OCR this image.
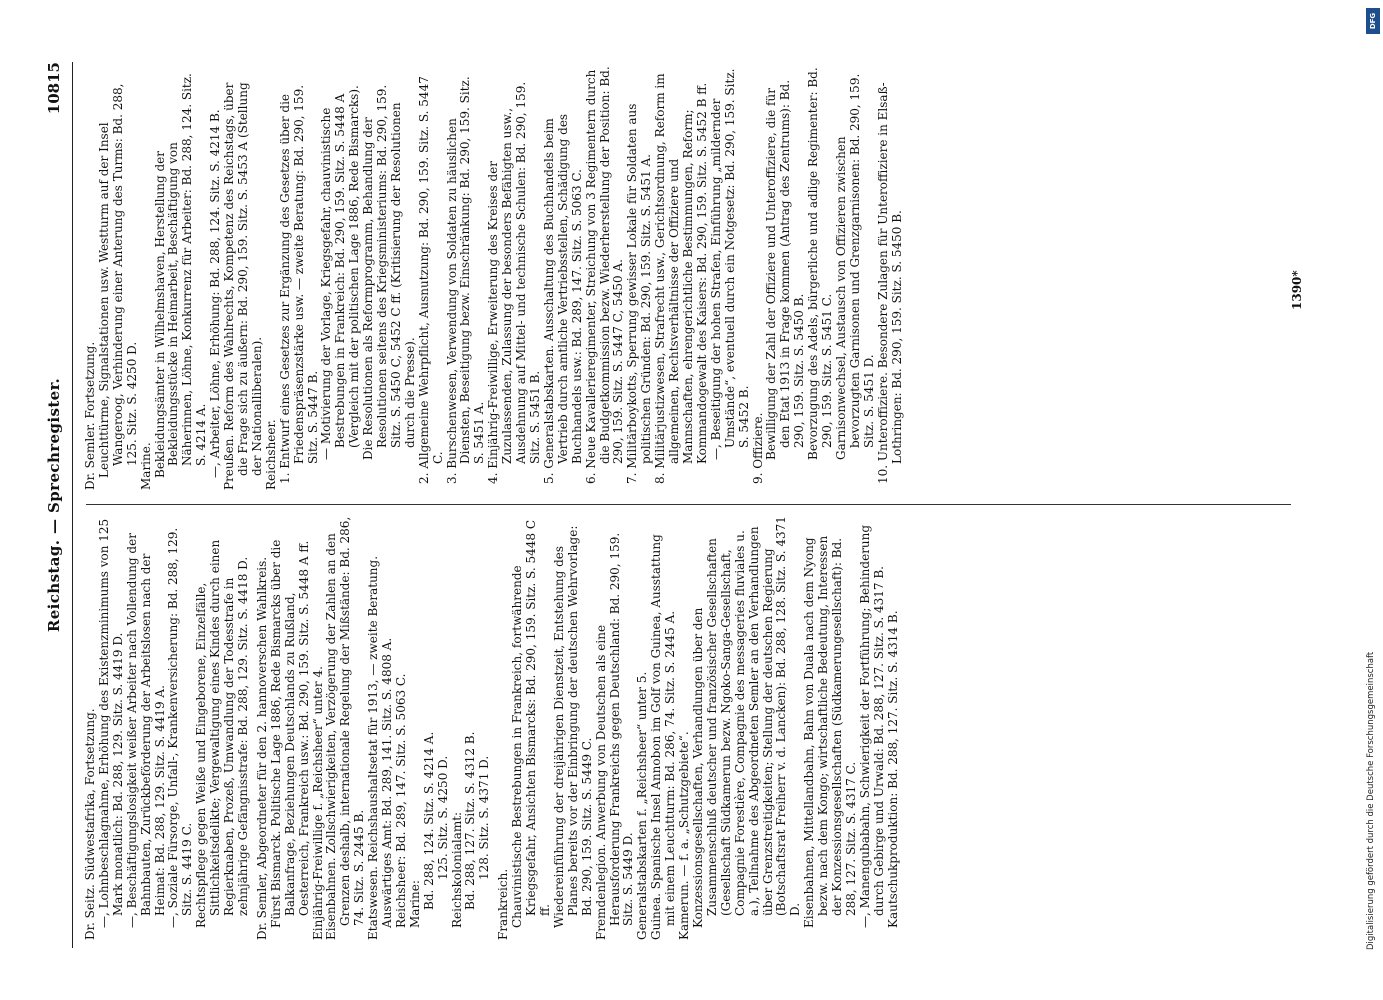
Reichstag. — Sprechregister.
10815
Dr. Seitz. Südwestafrika, Fortsetzung. —, Lohnbeschlagnahme, Erhöhung des Existenzminimums von 125 Mark monatlich: Bd. 288, 129. Sitz. S. 4419 D. —, Beschäftigungslosigkeit weißer Arbeiter nach Vollendung der Bahnbauten, Zurückbeförderung der Arbeitslosen nach der Heimat: Bd. 288, 129. Sitz. S. 4419 A. —, Soziale Fürsorge, Unfall-, Krankenversicherung: Bd. 288, 129. Sitz. S. 4419 C. Rechtspflege gegen Weiße und Eingeborene, Einzelfälle, Sittlichkeitsdelikte; Vergewaltigung eines Kindes durch einen Regierknaben, Prozeß, Umwandlung der Todesstrafe in zehnjährige Gefängnisstrafe: Bd. 288, 129. Sitz. S. 4418 D. Dr. Semler, Abgeordneter für den 2. hannoverschen Wahlkreis. Fürst Bismarck. Politische Lage 1886, Rede Bismarcks über die Balkanfrage, Beziehungen Deutschlands zu Rußland, Oesterreich, Frankreich usw.: Bd. 290, 159. Sitz. S. 5448 A ff. Einjährig-Freiwillige f. „Reichsheer“ unter 4. Eisenbahnen. Zollschwierigkeiten, Verzögerung der Zahlen an den Grenzen deshalb, internationale Regelung der Mißstände: Bd. 286, 74. Sitz. S. 2445 B. Etatswesen. Reichshaushaltsetat für 1913, — zweite Beratung. Auswärtiges Amt: Bd. 289, 141. Sitz. S. 4808 A. Reichsheer: Bd. 289, 147. Sitz. S. 5063 C. Marine: Bd. 288, 124. Sitz. S. 4214 A. 125. Sitz. S. 4250 D. Reichskolonialamt: Bd. 288, 127. Sitz. S. 4312 B. 128. Sitz. S. 4371 D.
Frankreich. Chauvinistische Bestrebungen in Frankreich, fortwährende Kriegsgefahr, Ansichten Bismarcks: Bd. 290, 159. Sitz. S. 5448 C ff. Wiedereinführung der dreijährigen Dienstzeit, Entstehung des Planes bereits vor der Einbringung der deutschen Wehrvorlage: Bd. 290, 159. Sitz. S. 5449 C. Fremdenlegion. Anwerbung von Deutschen als eine Herausforderung Frankreichs gegen Deutschland: Bd. 290, 159. Sitz. S. 5449 D. Generalstabskarten f. „Reichsheer“ unter 5. Guinea. Spanische Insel Annobon im Golf von Guinea, Ausstattung mit einem Leuchtturm: Bd. 286, 74. Sitz. S. 2445 A. Kamerun. — f. a. „Schutzgebiete“. Konzessionsgesellschaften, Verhandlungen über den Zusammenschluß deutscher und französischer Gesellschaften (Gesellschaft Südkamerun bezw. Ngoko-Sanga-Gesellschaft, Compagnie Forestière, Compagnie des messageries fluviales u. a.), Teilnahme des Abgeordneten Semler an den Verhandlungen über Grenzstreitigkeiten; Stellung der deutschen Regierung (Botschaftsrat Freiherr v. d. Lancken): Bd. 288, 128. Sitz. S. 4371 D. Eisenbahnen, Mittellandbahn, Bahn von Duala nach dem Nyong bezw. nach dem Kongo; wirtschaftliche Bedeutung, Interessen der Konzessionsgesellschaften (Südkamerungesellschaft): Bd. 288, 127. Sitz. S. 4317 C. —, Manengubabahn, Schwierigkeit der Fortführung; Behinderung durch Gebirge und Urwald: Bd. 288, 127. Sitz. S. 4317 B. Kautschukproduktion: Bd. 288, 127. Sitz. S. 4314 B.
Dr. Semler. Fortsetzung. Leuchttürme, Signalstationen usw. Westturm auf der Insel Wangeroog, Verhinderung einer Anterung des Turms: Bd. 288, 125. Sitz. S. 4250 D.
Marine. Bekleidungsämter in Wilhelmshaven, Herstellung der Bekleidungsstücke in Heimarbeit, Beschäftigung von Näherinnen, Löhne, Konkurrenz für Arbeiter: Bd. 288, 124. Sitz. S. 4214 A. —, Arbeiter, Löhne, Erhöhung: Bd. 288, 124. Sitz. S. 4214 B. Preußen. Reform des Wahlrechts, Kompetenz des Reichstags, über die Frage sich zu äußern: Bd. 290, 159. Sitz. S. 5453 A (Stellung der Nationalliberalen). Reichsheer. 1. Entwurf eines Gesetzes zur Ergänzung des Gesetzes über die Friedenspräsenzstärke usw. — zweite Beratung: Bd. 290, 159. Sitz. S. 5447 B. — Motivierung der Vorlage, Kriegsgefahr, chauvinistische Bestrebungen in Frankreich: Bd. 290, 159. Sitz. S. 5448 A (Vergleich mit der politischen Lage 1886, Rede Bismarcks). Die Resolutionen als Reformprogramm, Behandlung der Resolutionen seitens des Kriegsministeriums: Bd. 290, 159. Sitz. S. 5450 C, 5452 C ff. (Kritisierung der Resolutionen durch die Presse). 2. Allgemeine Wehrpflicht, Ausnutzung: Bd. 290, 159. Sitz. S. 5447 C. 3. Burschenwesen, Verwendung von Soldaten zu häuslichen Diensten, Beseitigung bezw. Einschränkung: Bd. 290, 159. Sitz. S. 5451 A. 4. Einjährig-Freiwillige, Erweiterung des Kreises der Zuzulassenden, Zulassung der besonders Befähigten usw., Ausdehnung auf Mittel- und technische Schulen: Bd. 290, 159. Sitz. S. 5451 B. 5. Generalstabskarten. Ausschaltung des Buchhandels beim Vertrieb durch amtliche Vertriebsstellen, Schädigung des Buchhandels usw.: Bd. 289, 147. Sitz. S. 5063 C. 6. Neue Kavallerieregimenter, Streichung von 3 Regimentern durch die Budgetkommission bezw. Wiederherstellung der Position: Bd. 290, 159. Sitz. S. 5447 C, 5450 A. 7. Militärboykotts, Sperrung gewisser Lokale für Soldaten aus politischen Gründen: Bd. 290, 159. Sitz. S. 5451 A. 8. Militärjustizwesen, Strafrecht usw., Gerichtsordnung, Reform im allgemeinen, Rechtsverhältnisse der Offiziere und Mannschaften, ehrengerichtliche Bestimmungen, Reform; Kommandogewalt des Kaisers: Bd. 290, 159. Sitz. S. 5452 B ff. —, Beseitigung der hohen Strafen, Einführung „mildernder Umstände“, eventuell durch ein Notgesetz: Bd. 290, 159. Sitz. S. 5452 B. 9. Offiziere. Bewilligung der Zahl der Offiziere und Unteroffiziere, die für den Etat 1913 in Frage kommen (Antrag des Zentrums): Bd. 290, 159. Sitz. S. 5450 B. Bevorzugung des Adels, bürgerliche und adlige Regimenter: Bd. 290, 159. Sitz. S. 5451 C. Garnisonwechsel, Austausch von Offizieren zwischen bevorzugten Garnisonen und Grenzgarnisonen: Bd. 290, 159. Sitz. S. 5451 D. 10. Unteroffiziere. Besondere Zulagen für Unteroffiziere in Elsaß-Lothringen: Bd. 290, 159. Sitz. S. 5450 B.	1390*
Digitalisierung gefördert durch die Deutsche Forschungsgemeinschaft
DFG
